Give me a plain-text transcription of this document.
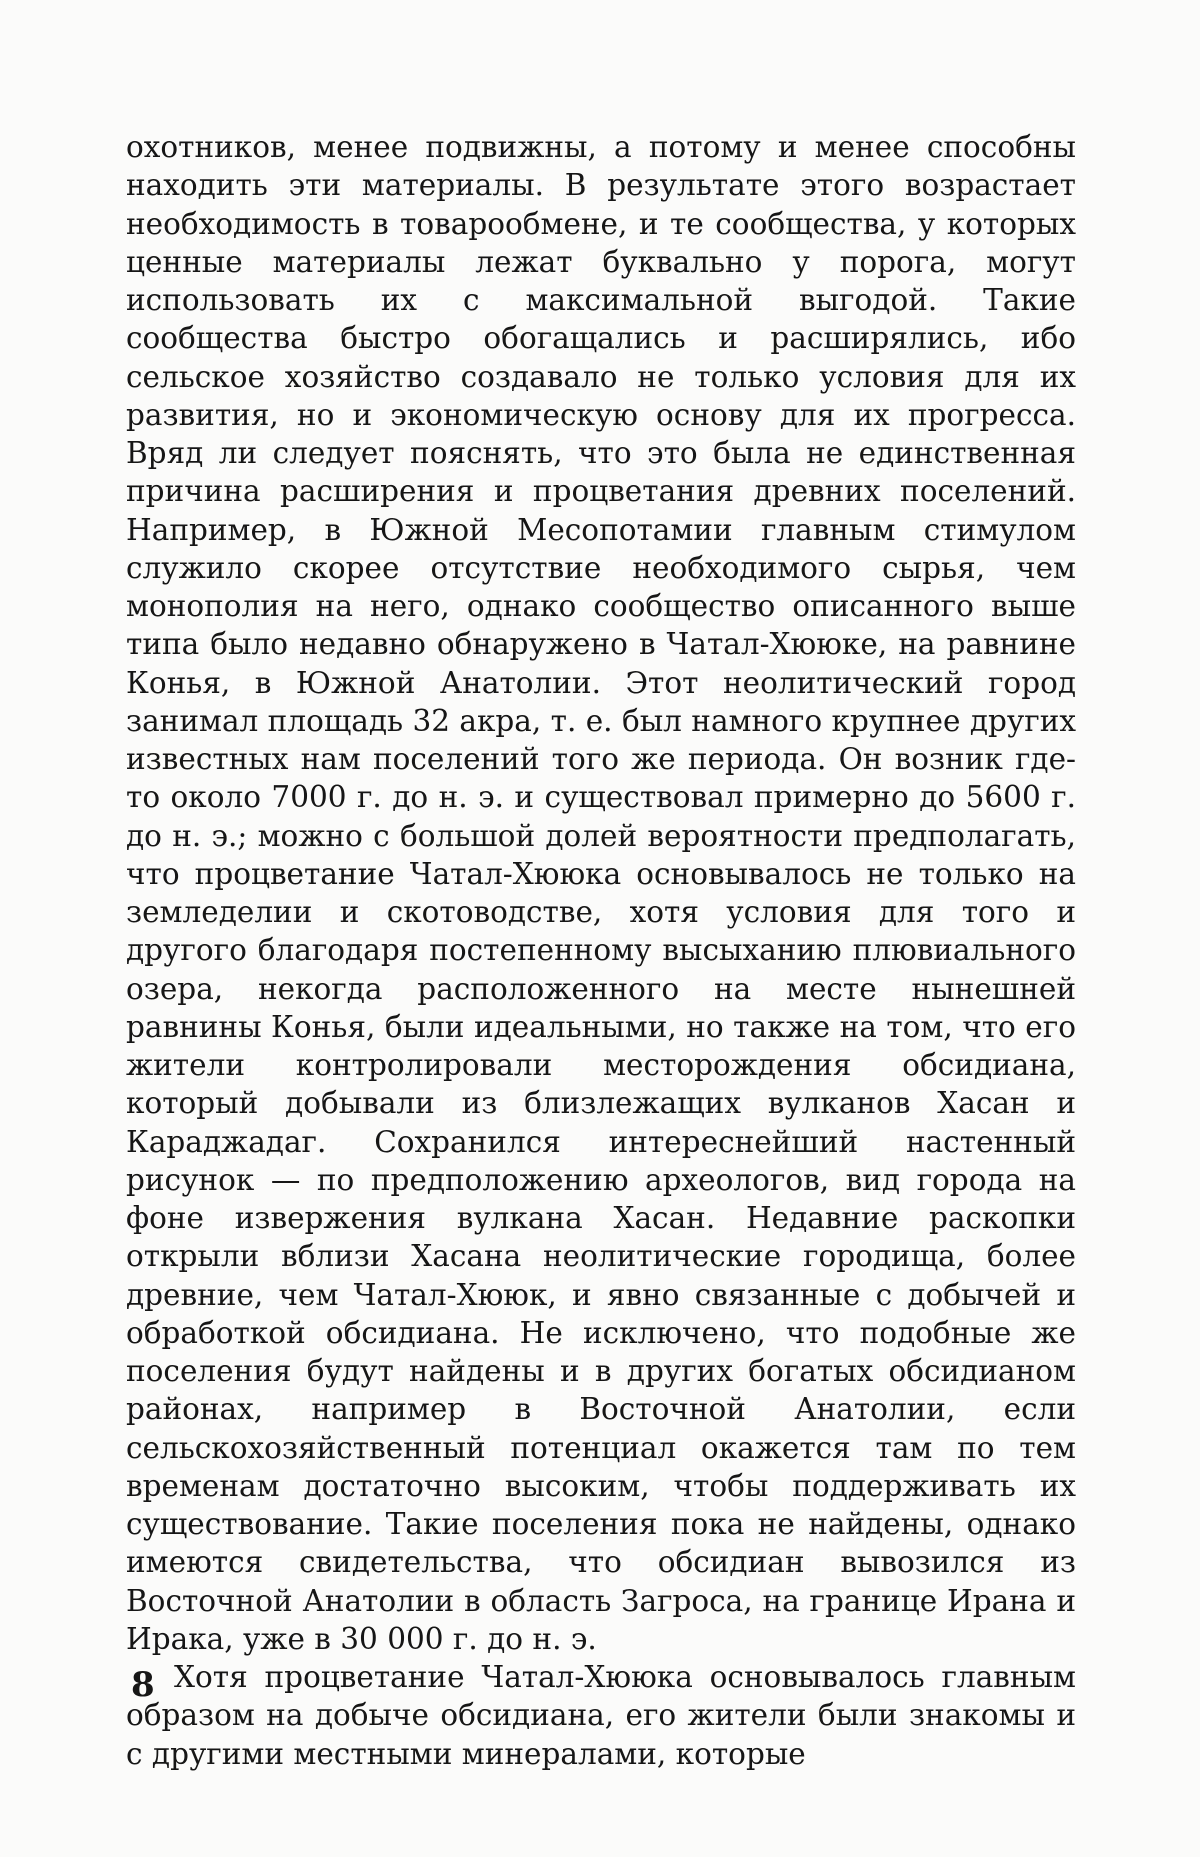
охотников, менее подвижны, а потому и менее способны находить эти материалы. В результате этого возрастает необходимость в товарообмене, и те сообщества, у которых ценные материалы лежат буквально у порога, могут использовать их с максимальной выгодой. Такие сообщества быстро обогащались и расширялись, ибо сельское хозяйство создавало не только условия для их развития, но и экономическую основу для их прогресса. Вряд ли следует пояснять, что это была не единственная причина расширения и процветания древних поселений. Например, в Южной Месопотамии главным стимулом служило скорее отсутствие необходимого сырья, чем монополия на него, однако сообщество описанного выше типа было недавно обнаружено в Чатал-Хююке, на равнине Конья, в Южной Анатолии. Этот неолитический город занимал площадь 32 акра, т. е. был намного крупнее других известных нам поселений того же периода. Он возник где-то около 7000 г. до н. э. и существовал примерно до 5600 г. до н. э.; можно с большой долей вероятности предполагать, что процветание Чатал-Хююка основывалось не только на земледелии и скотоводстве, хотя условия для того и другого благодаря постепенному высыханию плювиального озера, некогда расположенного на месте нынешней равнины Конья, были идеальными, но также на том, что его жители контролировали месторождения обсидиана, который добывали из близлежащих вулканов Хасан и Караджадаг. Сохранился интереснейший настенный рисунок — по предположению археологов, вид города на фоне извержения вулкана Хасан. Недавние раскопки открыли вблизи Хасана неолитические городища, более древние, чем Чатал-Хююк, и явно связанные с добычей и обработкой обсидиана. Не исключено, что подобные же поселения будут найдены и в других богатых обсидианом районах, например в Восточной Анатолии, если сельскохозяйственный потенциал окажется там по тем временам достаточно высоким, чтобы поддерживать их существование. Такие поселения пока не найдены, однако имеются свидетельства, что обсидиан вывозился из Восточной Анатолии в область Загроса, на границе Ирана и Ирака, уже в 30 000 г. до н. э.

Хотя процветание Чатал-Хююка основывалось главным образом на добыче обсидиана, его жители были знакомы и с другими местными минералами, которые

8
